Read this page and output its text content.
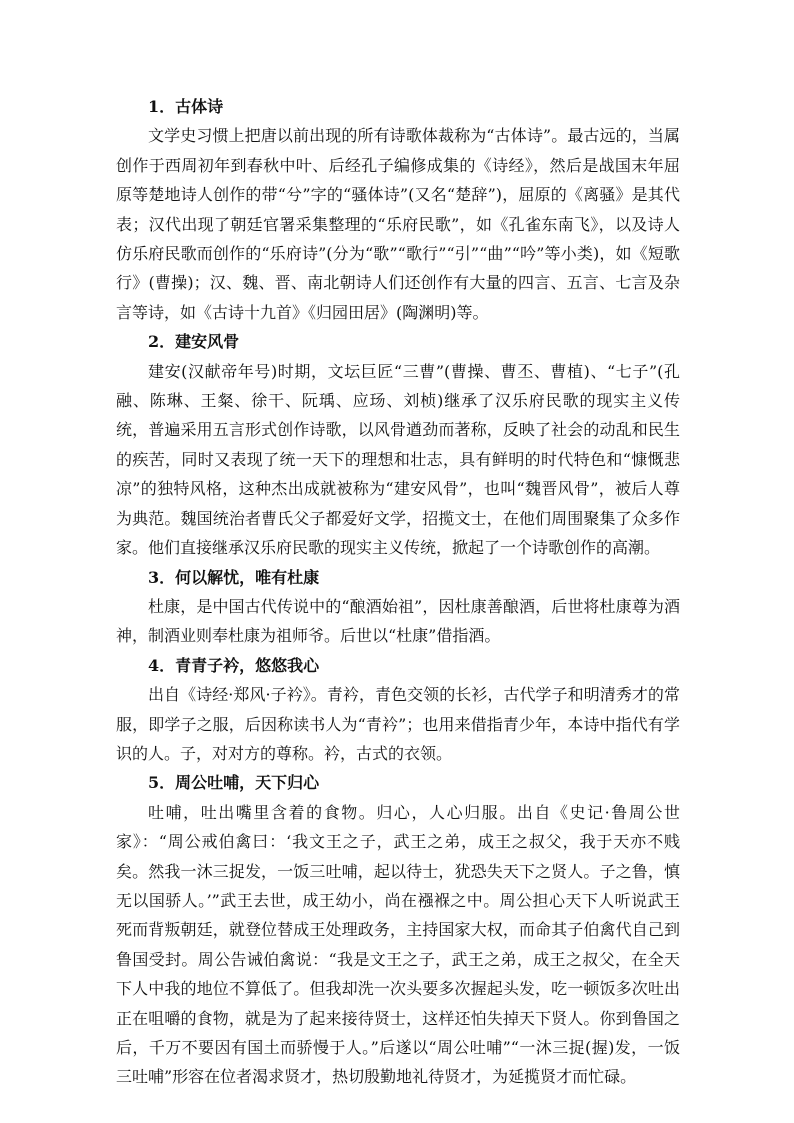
1．古体诗

文学史习惯上把唐以前出现的所有诗歌体裁称为“古体诗”。最古远的，当属创作于西周初年到春秋中叶、后经孔子编修成集的《诗经》，然后是战国末年屈原等楚地诗人创作的带“兮”字的“骚体诗”(又名“楚辞”)，屈原的《离骚》是其代表；汉代出现了朝廷官署采集整理的“乐府民歌”，如《孔雀东南飞》，以及诗人仿乐府民歌而创作的“乐府诗”(分为“歌”“歌行”“引”“曲”“吟”等小类)，如《短歌行》(曹操)；汉、魏、晋、南北朝诗人们还创作有大量的四言、五言、七言及杂言等诗，如《古诗十九首》《归园田居》(陶渊明)等。

2．建安风骨

建安(汉献帝年号)时期，文坛巨匠“三曹”(曹操、曹丕、曹植)、“七子”(孔融、陈琳、王粲、徐干、阮瑀、应玚、刘桢)继承了汉乐府民歌的现实主义传统，普遍采用五言形式创作诗歌，以风骨遒劲而著称，反映了社会的动乱和民生的疾苦，同时又表现了统一天下的理想和壮志，具有鲜明的时代特色和“慷慨悲凉”的独特风格，这种杰出成就被称为“建安风骨”，也叫“魏晋风骨”，被后人尊为典范。魏国统治者曹氏父子都爱好文学，招揽文士，在他们周围聚集了众多作家。他们直接继承汉乐府民歌的现实主义传统，掀起了一个诗歌创作的高潮。

3．何以解忧，唯有杜康

杜康，是中国古代传说中的“酿酒始祖”，因杜康善酿酒，后世将杜康尊为酒神，制酒业则奉杜康为祖师爷。后世以“杜康”借指酒。

4．青青子衿，悠悠我心

出自《诗经·郑风·子衿》。青衿，青色交领的长衫，古代学子和明清秀才的常服，即学子之服，后因称读书人为“青衿”；也用来借指青少年，本诗中指代有学识的人。子，对对方的尊称。衿，古式的衣领。

5．周公吐哺，天下归心

吐哺，吐出嘴里含着的食物。归心，人心归服。出自《史记·鲁周公世家》：“周公戒伯禽曰：‘我文王之子，武王之弟，成王之叔父，我于天亦不贱矣。然我一沐三捉发，一饭三吐哺，起以待士，犹恐失天下之贤人。子之鲁，慎无以国骄人。’”武王去世，成王幼小，尚在襁褓之中。周公担心天下人听说武王死而背叛朝廷，就登位替成王处理政务，主持国家大权，而命其子伯禽代自己到鲁国受封。周公告诫伯禽说：“我是文王之子，武王之弟，成王之叔父，在全天下人中我的地位不算低了。但我却洗一次头要多次握起头发，吃一顿饭多次吐出正在咀嚼的食物，就是为了起来接待贤士，这样还怕失掉天下贤人。你到鲁国之后，千万不要因有国土而骄慢于人。”后遂以“周公吐哺”“一沐三捉(握)发，一饭三吐哺”形容在位者渴求贤才，热切殷勤地礼待贤才，为延揽贤才而忙碌。
